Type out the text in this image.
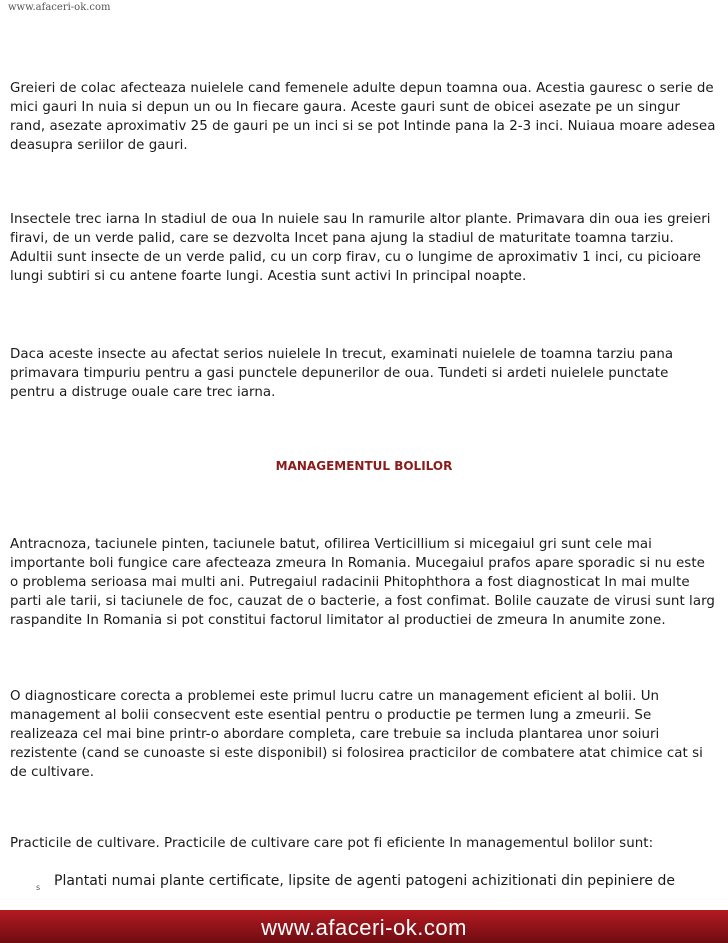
www.afaceri-ok.com

Greieri de colac afecteaza nuielele cand femenele adulte depun toamna oua. Acestia gauresc o serie de mici gauri In nuia si depun un ou In fiecare gaura. Aceste gauri sunt de obicei asezate pe un singur rand, asezate aproximativ 25 de gauri pe un inci si se pot Intinde pana la 2-3 inci. Nuiaua moare adesea deasupra seriilor de gauri.

Insectele trec iarna In stadiul de oua In nuiele sau In ramurile altor plante. Primavara din oua ies greieri firavi, de un verde palid, care se dezvolta Incet pana ajung la stadiul de maturitate toamna tarziu. Adultii sunt insecte de un verde palid, cu un corp firav, cu o lungime de aproximativ 1 inci, cu picioare lungi subtiri si cu antene foarte lungi. Acestia sunt activi In principal noapte.

Daca aceste insecte au afectat serios nuielele In trecut, examinati nuielele de toamna tarziu pana primavara timpuriu pentru a gasi punctele depunerilor de oua. Tundeti si ardeti nuielele punctate pentru a distruge ouale care trec iarna.

MANAGEMENTUL BOLILOR

Antracnoza, taciunele pinten, taciunele batut, ofilirea Verticillium si micegaiul gri sunt cele mai importante boli fungice care afecteaza zmeura In Romania. Mucegaiul prafos apare sporadic si nu este o problema serioasa mai multi ani. Putregaiul radacinii Phitophthora a fost diagnosticat In mai multe parti ale tarii, si taciunele de foc, cauzat de o bacterie, a fost confimat. Bolile cauzate de virusi sunt larg raspandite In Romania si pot constitui factorul limitator al productiei de zmeura In anumite zone.

O diagnosticare corecta a problemei este primul lucru catre un management eficient al bolii. Un management al bolii consecvent este esential pentru o productie pe termen lung a zmeurii. Se realizeaza cel mai bine printr-o abordare completa, care trebuie sa includa plantarea unor soiuri rezistente (cand se cunoaste si este disponibil) si folosirea practicilor de combatere atat chimice cat si de cultivare.

Practicile de cultivare. Practicile de cultivare care pot fi eficiente In managementul bolilor sunt:

s Plantati numai plante certificate, lipsite de agenti patogeni achizitionati din pepiniere de
www.afaceri-ok.com
